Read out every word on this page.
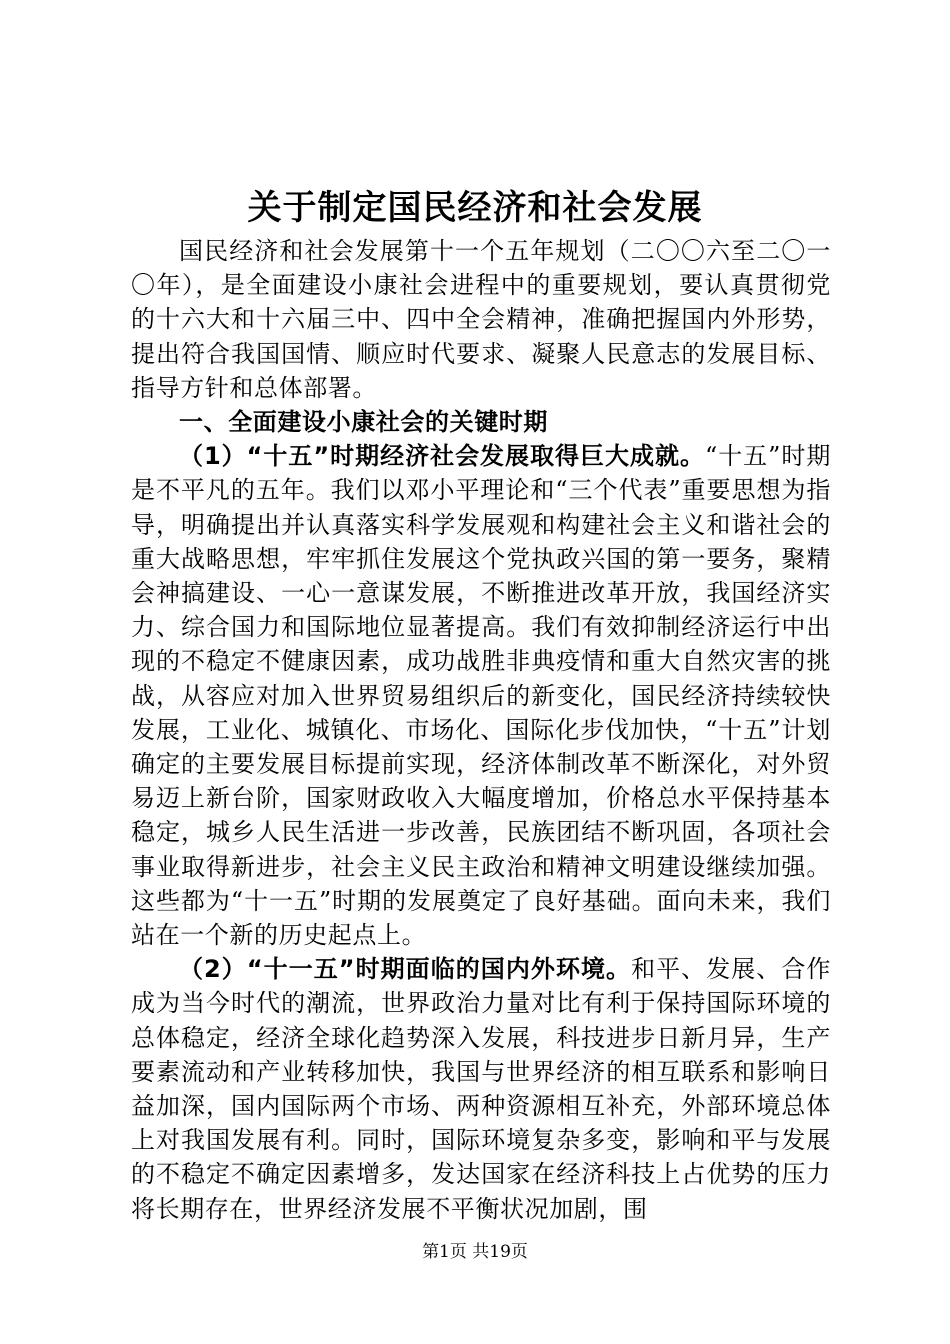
关于制定国民经济和社会发展

国民经济和社会发展第十一个五年规划（二〇〇六至二〇一〇年），是全面建设小康社会进程中的重要规划，要认真贯彻党的十六大和十六届三中、四中全会精神，准确把握国内外形势，提出符合我国国情、顺应时代要求、凝聚人民意志的发展目标、指导方针和总体部署。

一、全面建设小康社会的关键时期

（1）“十五”时期经济社会发展取得巨大成就。“十五”时期是不平凡的五年。我们以邓小平理论和“三个代表”重要思想为指导，明确提出并认真落实科学发展观和构建社会主义和谐社会的重大战略思想，牢牢抓住发展这个党执政兴国的第一要务，聚精会神搞建设、一心一意谋发展，不断推进改革开放，我国经济实力、综合国力和国际地位显著提高。我们有效抑制经济运行中出现的不稳定不健康因素，成功战胜非典疫情和重大自然灾害的挑战，从容应对加入世界贸易组织后的新变化，国民经济持续较快发展，工业化、城镇化、市场化、国际化步伐加快，“十五”计划确定的主要发展目标提前实现，经济体制改革不断深化，对外贸易迈上新台阶，国家财政收入大幅度增加，价格总水平保持基本稳定，城乡人民生活进一步改善，民族团结不断巩固，各项社会事业取得新进步，社会主义民主政治和精神文明建设继续加强。这些都为“十一五”时期的发展奠定了良好基础。面向未来，我们站在一个新的历史起点上。

（2）“十一五”时期面临的国内外环境。和平、发展、合作成为当今时代的潮流，世界政治力量对比有利于保持国际环境的总体稳定，经济全球化趋势深入发展，科技进步日新月异，生产要素流动和产业转移加快，我国与世界经济的相互联系和影响日益加深，国内国际两个市场、两种资源相互补充，外部环境总体上对我国发展有利。同时，国际环境复杂多变，影响和平与发展的不稳定不确定因素增多，发达国家在经济科技上占优势的压力将长期存在，世界经济发展不平衡状况加剧，围

第1页 共19页
